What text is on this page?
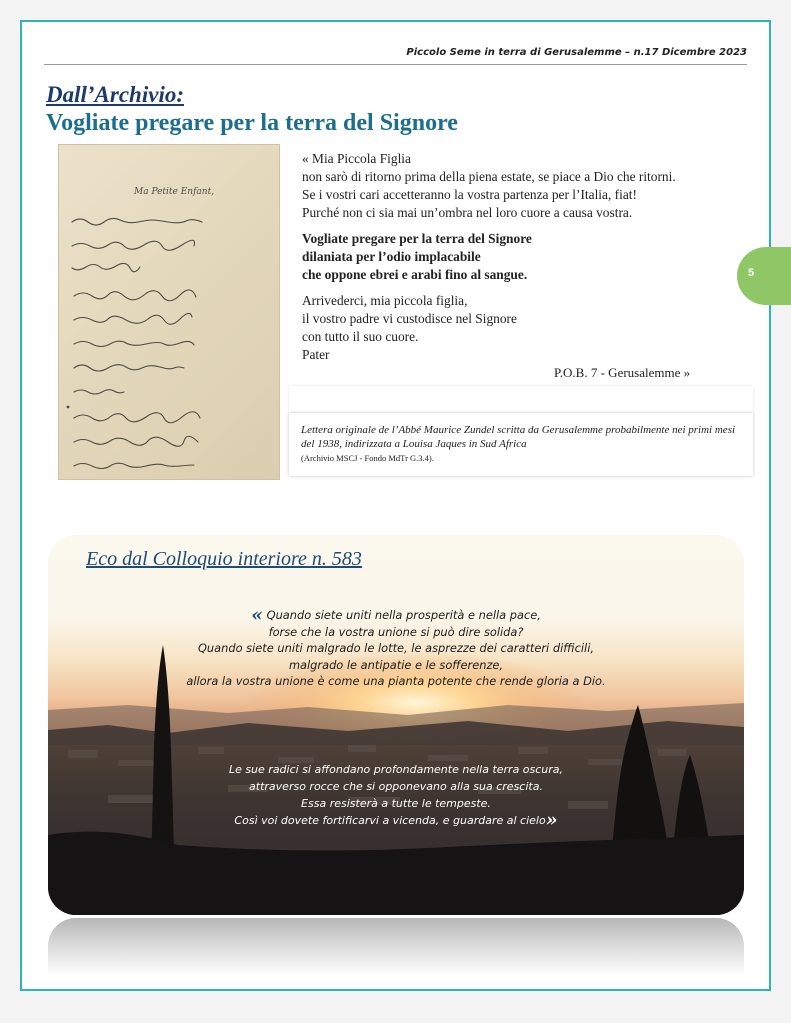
Piccolo Seme in terra di Gerusalemme – n.17 Dicembre 2023
5
Dall’Archivio:
Vogliate pregare per la terra del Signore
Ma Petite Enfant,

« Mia Piccola Figlia
non sarò di ritorno prima della piena estate, se piace a Dio che ritorni.
Se i vostri cari accetteranno la vostra partenza per l’Italia, fiat!
Purché non ci sia mai un’ombra nel loro cuore a causa vostra.

Vogliate pregare per la terra del Signore
dilaniata per l’odio implacabile
che oppone ebrei e arabi fino al sangue.

Arrivederci, mia piccola figlia,
il vostro padre vi custodisce nel Signore
con tutto il suo cuore.
Pater

P.O.B. 7 - Gerusalemme »
Lettera originale de l’Abbé Maurice Zundel scritta da Gerusalemme probabilmente nei primi mesi del 1938, indirizzata a Louisa Jaques in Sud Africa
(Archivio MSCJ - Fondo MdTr G.3.4).
Eco dal Colloquio interiore n. 583
« Quando siete uniti nella prosperità e nella pace,
forse che la vostra unione si può dire solida?
Quando siete uniti malgrado le lotte, le asprezze dei caratteri difficili,
malgrado le antipatie e le sofferenze,
allora la vostra unione è come una pianta potente che rende gloria a Dio.
Le sue radici si affondano profondamente nella terra oscura,
attraverso rocce che si opponevano alla sua crescita.
Essa resisterà a tutte le tempeste.
Così voi dovete fortificarvi a vicenda, e guardare al cielo»
